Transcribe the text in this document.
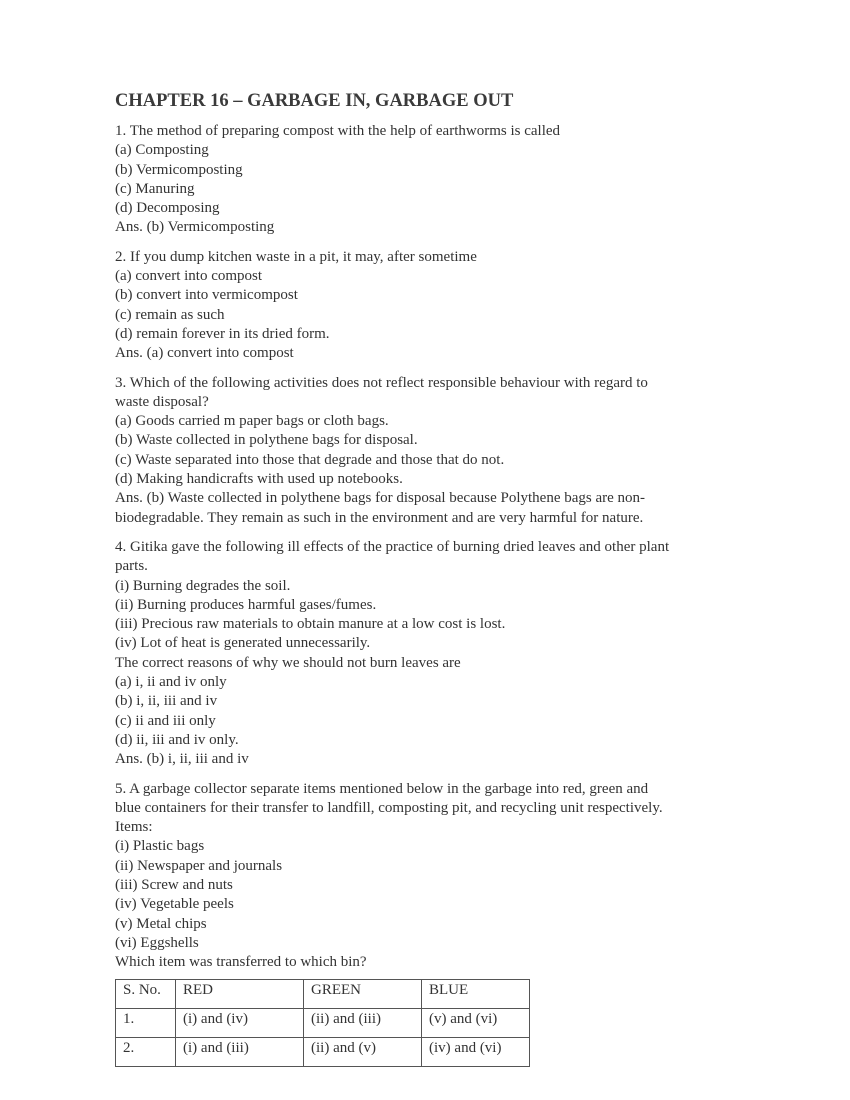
CHAPTER 16 – GARBAGE IN, GARBAGE OUT
1. The method of preparing compost with the help of earthworms is called
(a) Composting
(b) Vermicomposting
(c) Manuring
(d) Decomposing
Ans. (b) Vermicomposting
2. If you dump kitchen waste in a pit, it may, after sometime
(a) convert into compost
(b) convert into vermicompost
(c) remain as such
(d) remain forever in its dried form.
Ans. (a) convert into compost
3. Which of the following activities does not reflect responsible behaviour with regard to
waste disposal?
(a) Goods carried m paper bags or cloth bags.
(b) Waste collected in polythene bags for disposal.
(c) Waste separated into those that degrade and those that do not.
(d) Making handicrafts with used up notebooks.
Ans. (b) Waste collected in polythene bags for disposal because Polythene bags are non-
biodegradable. They remain as such in the environment and are very harmful for nature.
4. Gitika gave the following ill effects of the practice of burning dried leaves and other plant
parts.
(i) Burning degrades the soil.
(ii) Burning produces harmful gases/fumes.
(iii) Precious raw materials to obtain manure at a low cost is lost.
(iv) Lot of heat is generated unnecessarily.
The correct reasons of why we should not burn leaves are
(a) i, ii and iv only
(b) i, ii, iii and iv
(c) ii and iii only
(d) ii, iii and iv only.
Ans. (b) i, ii, iii and iv
5. A garbage collector separate items mentioned below in the garbage into red, green and
blue containers for their transfer to landfill, composting pit, and recycling unit respectively.
Items:
(i) Plastic bags
(ii) Newspaper and journals
(iii) Screw and nuts
(iv) Vegetable peels
(v) Metal chips
(vi) Eggshells
Which item was transferred to which bin?
S. No.	RED	GREEN	BLUE
1.	(i) and (iv)	(ii) and (iii)	(v) and (vi)
2.	(i) and (iii)	(ii) and (v)	(iv) and (vi)
